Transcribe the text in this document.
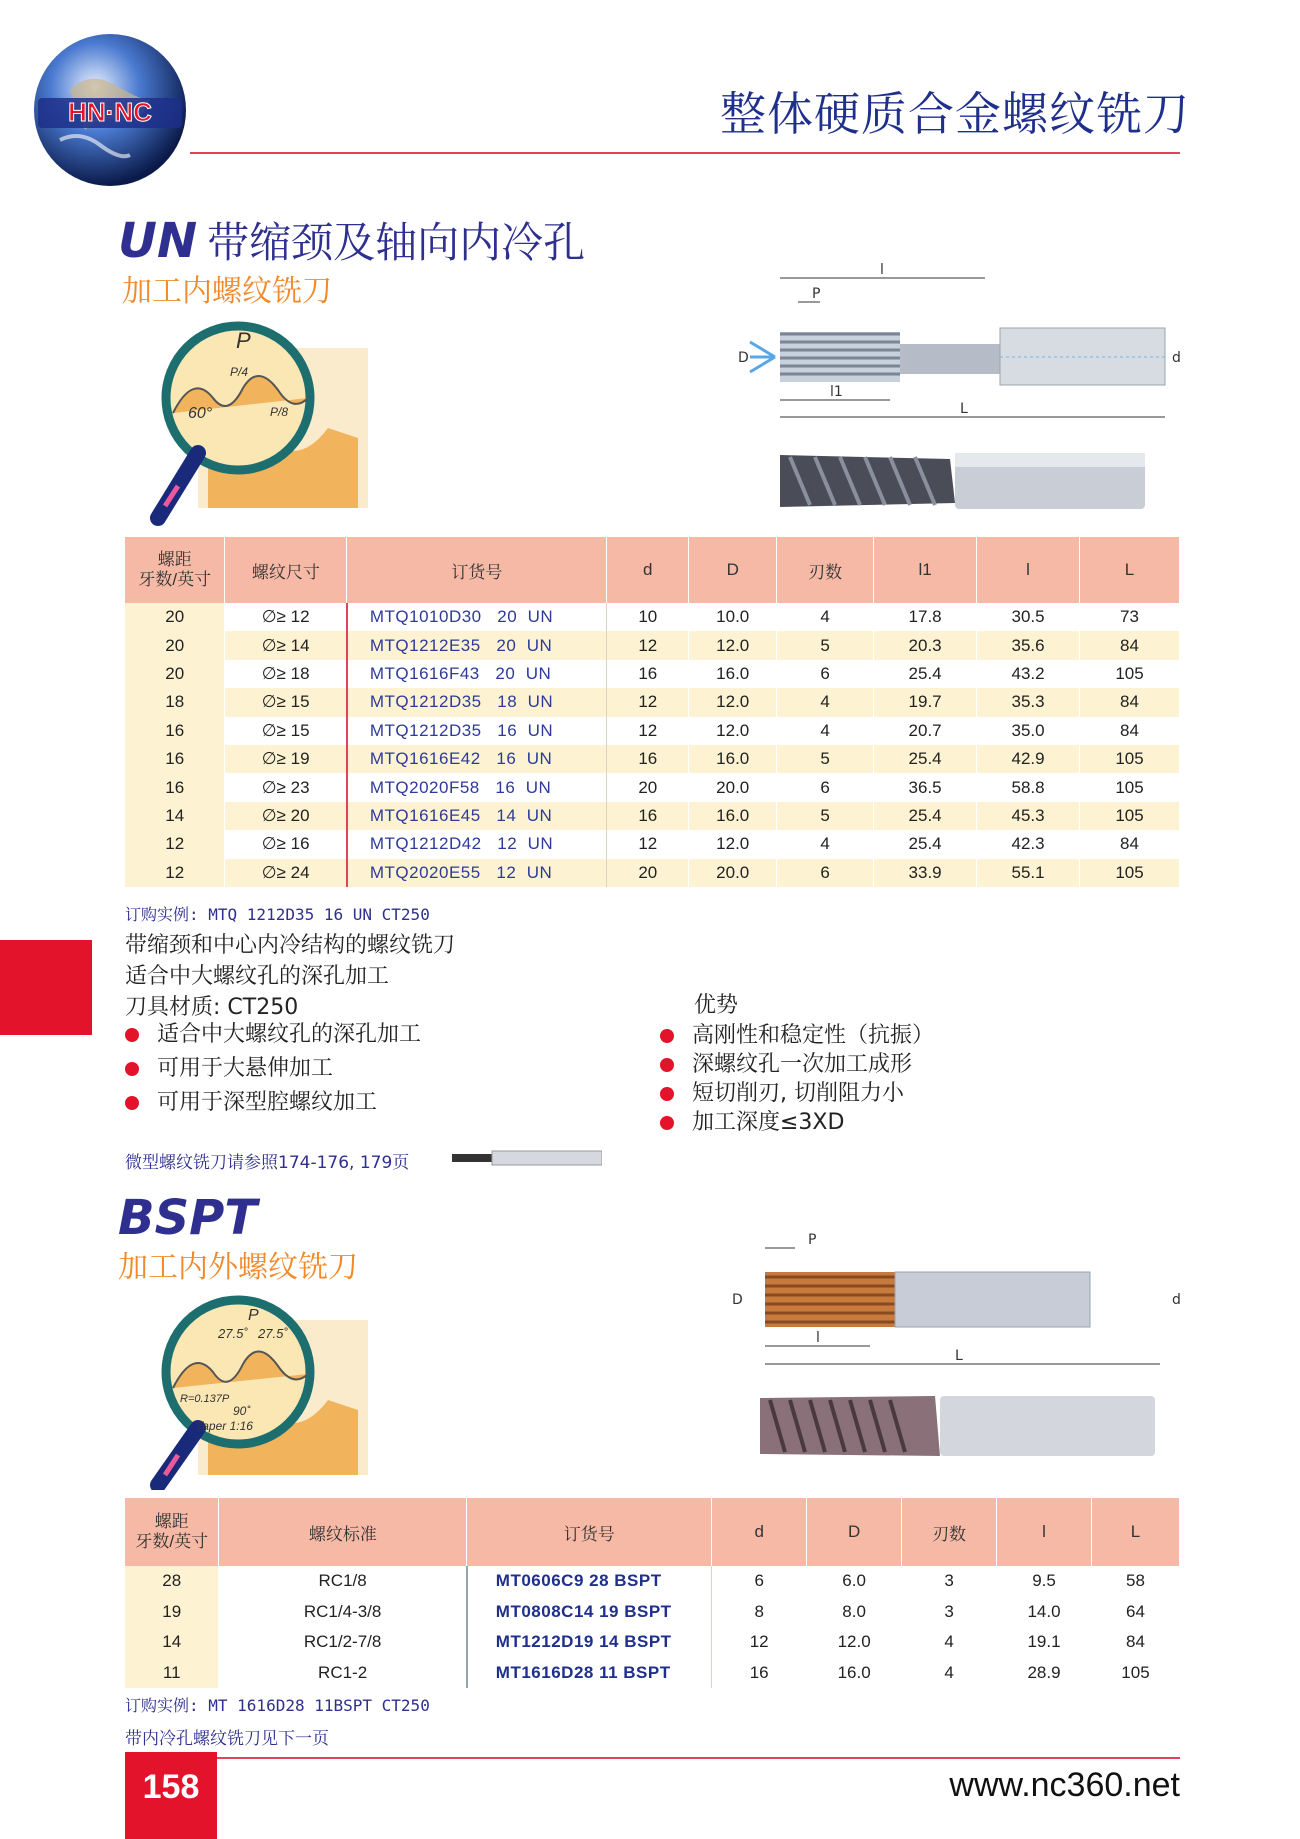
HN·NC	整体硬质合金螺纹铣刀
UN 带缩颈及轴向内冷孔
加工内螺纹铣刀
P
P/4
60°	P/8
l
P
D	d
l1
L
螺距
牙数/英寸	螺纹尺寸	订货号	d	D	刃数	l1	l	L
20	∅≥ 12	MTQ1010D30   20  UN	10	10.0	4	17.8	30.5	73
20	∅≥ 14	MTQ1212E35   20  UN	12	12.0	5	20.3	35.6	84
20	∅≥ 18	MTQ1616F43   20  UN	16	16.0	6	25.4	43.2	105
18	∅≥ 15	MTQ1212D35   18  UN	12	12.0	4	19.7	35.3	84
16	∅≥ 15	MTQ1212D35   16  UN	12	12.0	4	20.7	35.0	84
16	∅≥ 19	MTQ1616E42   16  UN	16	16.0	5	25.4	42.9	105
16	∅≥ 23	MTQ2020F58   16  UN	20	20.0	6	36.5	58.8	105
14	∅≥ 20	MTQ1616E45   14  UN	16	16.0	5	25.4	45.3	105
12	∅≥ 16	MTQ1212D42   12  UN	12	12.0	4	25.4	42.3	84
12	∅≥ 24	MTQ2020E55   12  UN	20	20.0	6	33.9	55.1	105
订购实例: MTQ 1212D35 16 UN CT250
带缩颈和中心内冷结构的螺纹铣刀
适合中大螺纹孔的深孔加工
刀具材质: CT250
适合中大螺纹孔的深孔加工
可用于大悬伸加工
可用于深型腔螺纹加工
优势
高刚性和稳定性（抗振）
深螺纹孔一次加工成形
短切削刃, 切削阻力小
加工深度≤3XD
微型螺纹铣刀请参照174-176, 179页
BSPT
加工内外螺纹铣刀
P
27.5˚ 27.5˚
R=0.137P
90˚
Taper 1:16
P
D	d
l
L
螺距
牙数/英寸	螺纹标准	订货号	d	D	刃数	l	L
28	RC1/8	MT0606C9 28 BSPT	6	6.0	3	9.5	58
19	RC1/4-3/8	MT0808C14 19 BSPT	8	8.0	3	14.0	64
14	RC1/2-7/8	MT1212D19 14 BSPT	12	12.0	4	19.1	84
11	RC1-2	MT1616D28 11 BSPT	16	16.0	4	28.9	105
订购实例: MT 1616D28 11BSPT CT250
带内冷孔螺纹铣刀见下一页
158	www.nc360.net
